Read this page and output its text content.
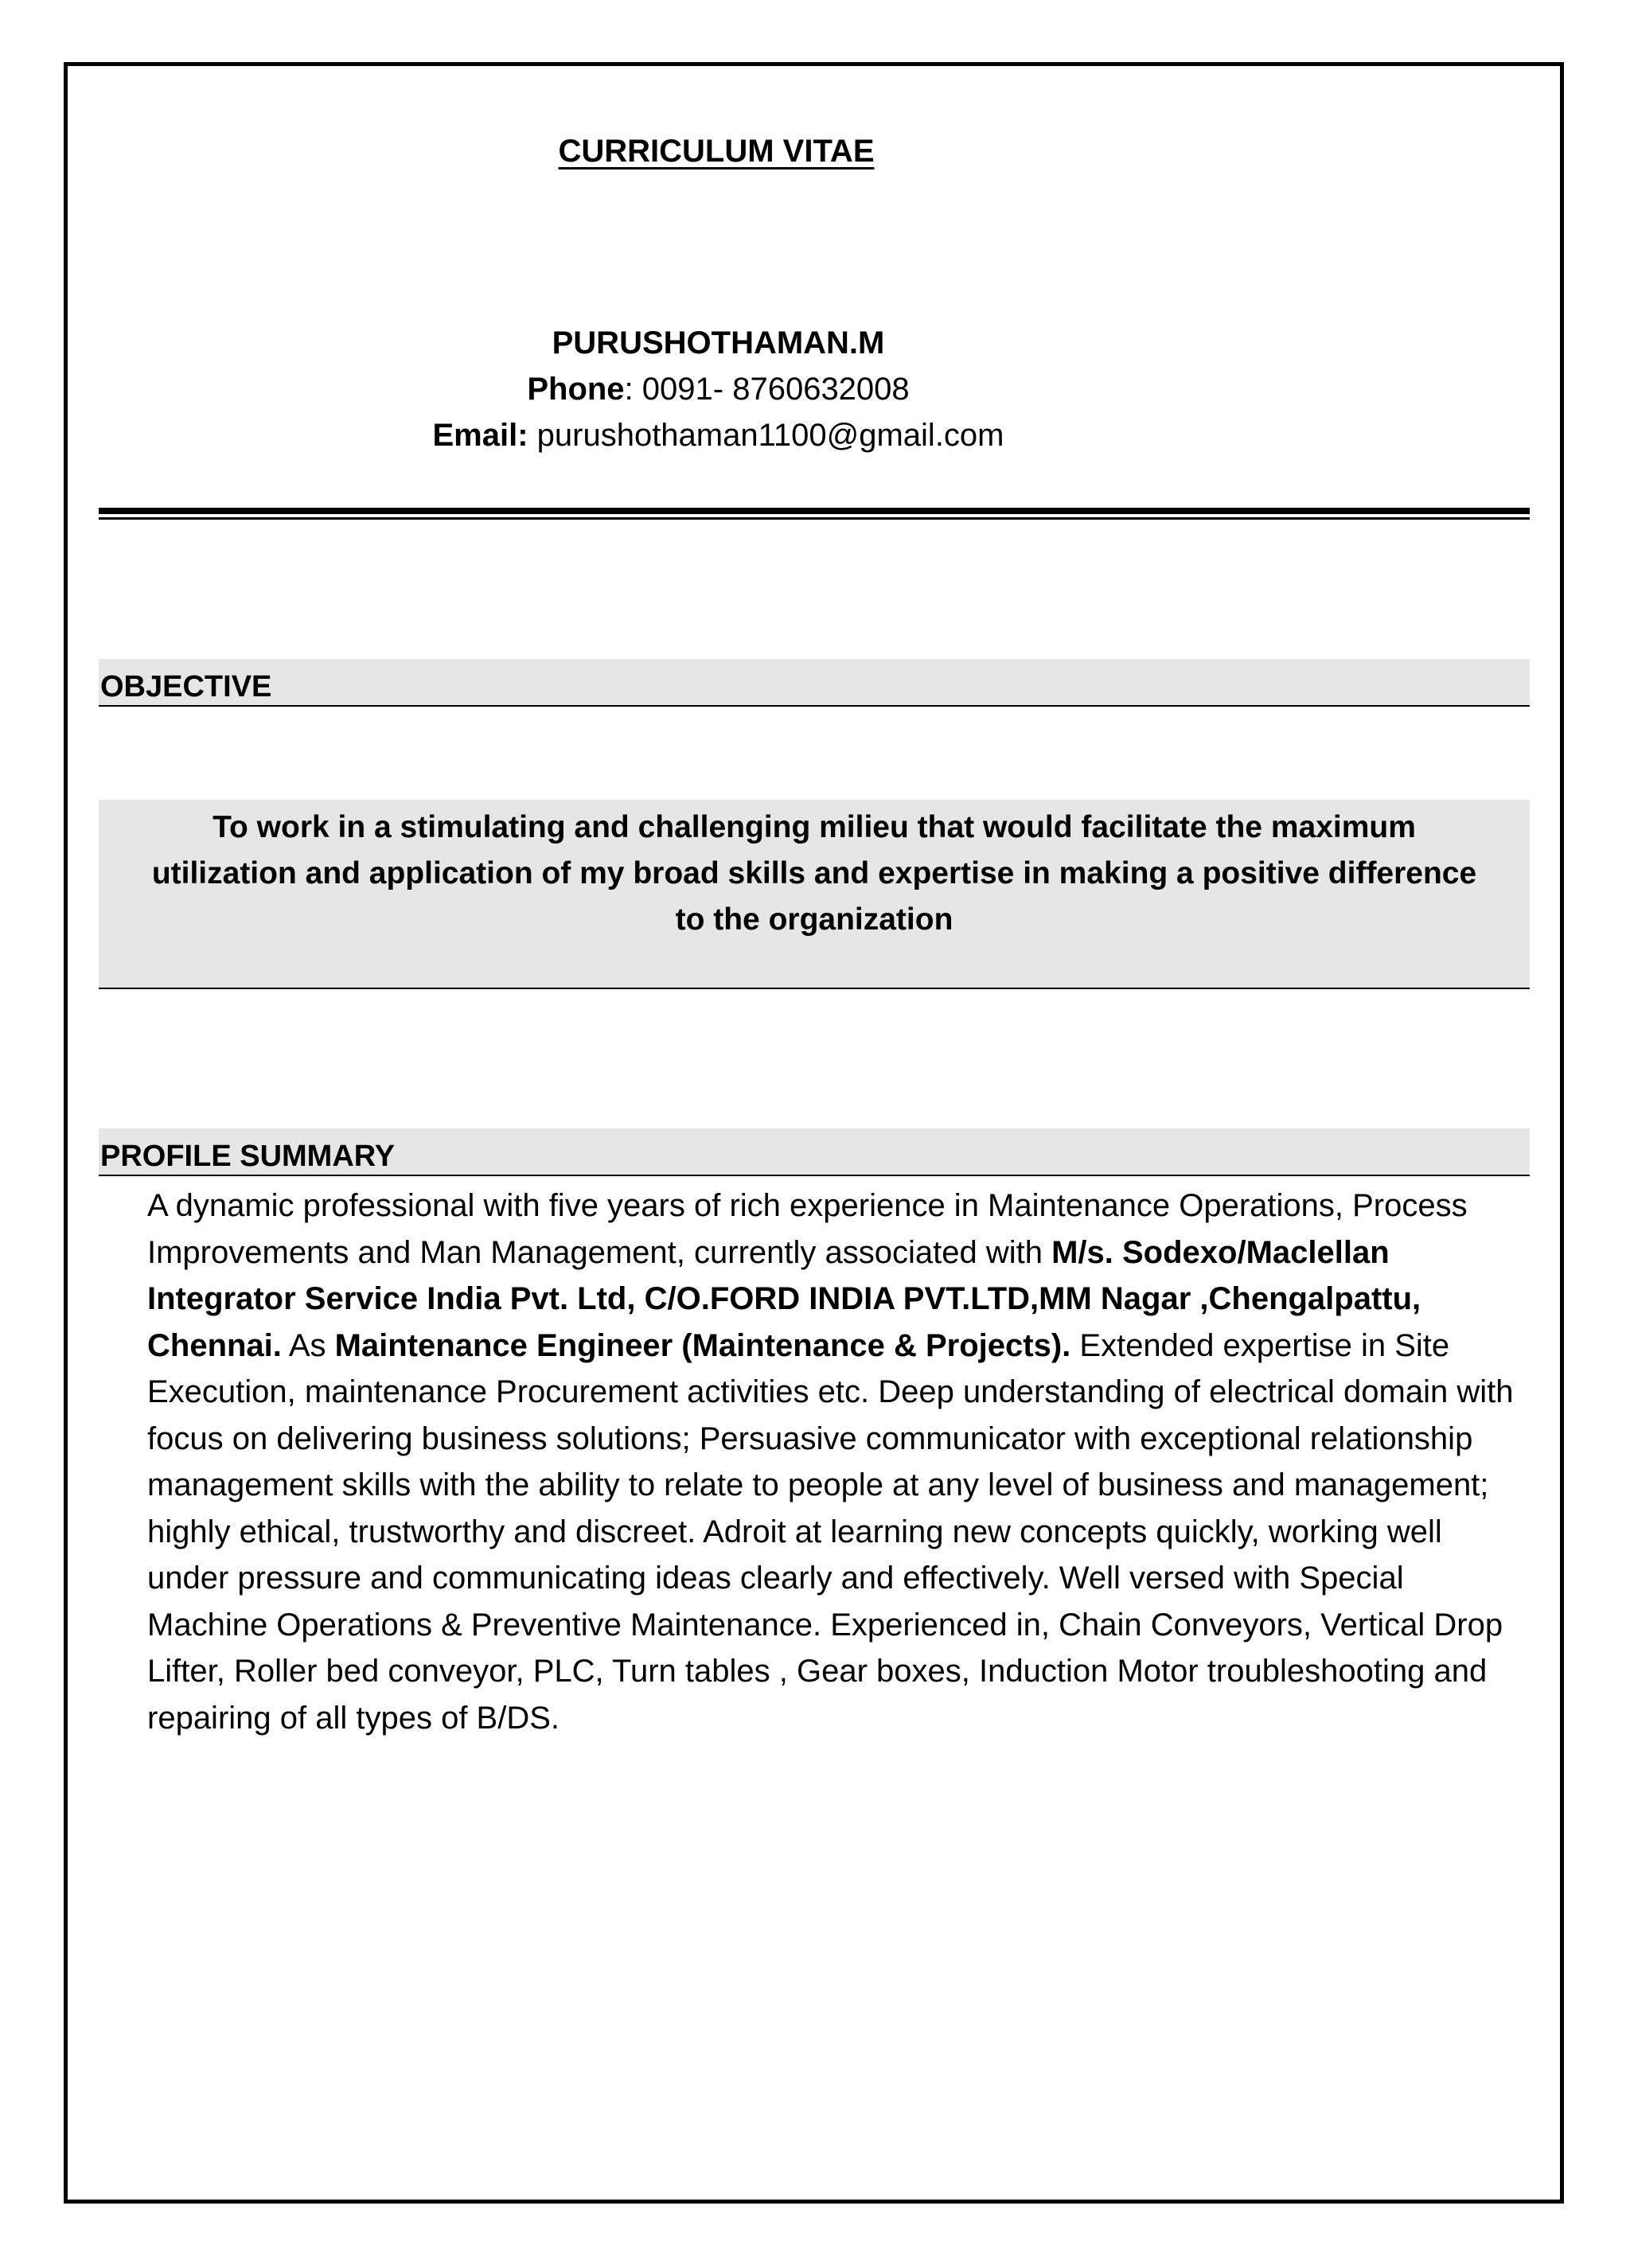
CURRICULUM VITAE
PURUSHOTHAMAN.M
Phone: 0091- 8760632008
Email: purushothaman1100@gmail.com
OBJECTIVE
To work in a stimulating and challenging milieu that would facilitate the maximum
utilization and application of my broad skills and expertise in making a positive difference
to the organization
PROFILE SUMMARY
A dynamic professional with five years of rich experience in Maintenance Operations, Process Improvements and Man Management, currently associated with M/s. Sodexo/Maclellan Integrator Service India Pvt. Ltd, C/O.FORD INDIA PVT.LTD,MM Nagar ,Chengalpattu, Chennai. As Maintenance Engineer (Maintenance & Projects). Extended expertise in Site Execution, maintenance Procurement activities etc. Deep understanding of electrical domain with focus on delivering business solutions; Persuasive communicator with exceptional relationship management skills with the ability to relate to people at any level of business and management; highly ethical, trustworthy and discreet. Adroit at learning new concepts quickly, working well under pressure and communicating ideas clearly and effectively. Well versed with Special Machine Operations & Preventive Maintenance. Experienced in, Chain Conveyors, Vertical Drop Lifter, Roller bed conveyor, PLC, Turn tables , Gear boxes, Induction Motor troubleshooting and repairing of all types of B/DS.
